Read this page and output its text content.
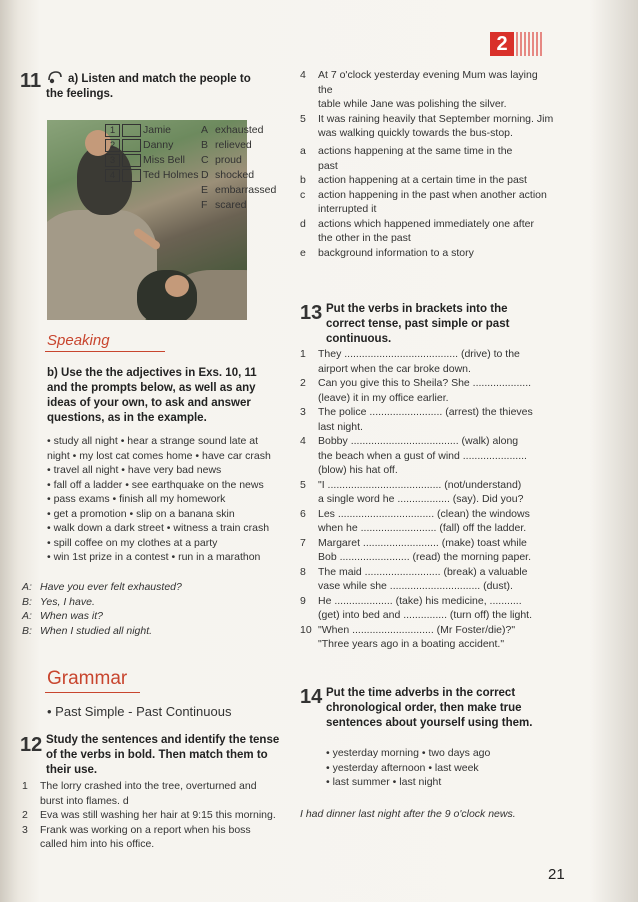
2
11	a) Listen and match the people to the feelings.
1	Jamie
2	Danny
3	Miss Bell
4	Ted Holmes
A exhausted
B relieved
C proud
D shocked
E embarrassed
F scared
Speaking
b) Use the the adjectives in Exs. 10, 11 and the prompts below, as well as any ideas of your own, to ask and answer questions, as in the example.
• study all night • hear a strange sound late at
night • my lost cat comes home • have car crash
• travel all night • have very bad news
• fall off a ladder • see earthquake on the news
• pass exams • finish all my homework
• get a promotion • slip on a banana skin
• walk down a dark street • witness a train crash
• spill coffee on my clothes at a party
• win 1st prize in a contest • run in a marathon
A: Have you ever felt exhausted?
B: Yes, I have.
A: When was it?
B: When I studied all night.
Grammar
• Past Simple - Past Continuous
12 Study the sentences and identify the tense of the verbs in bold. Then match them to their use.
1	The lorry crashed into the tree, overturned and
burst into flames. d
2	Eva was still washing her hair at 9:15 this morning.
3	Frank was working on a report when his boss
called him into his office.
4	At 7 o'clock yesterday evening Mum was laying the
table while Jane was polishing the silver.
5	It was raining heavily that September morning. Jim
was walking quickly towards the bus-stop.
a	actions happening at the same time in the
past
b	action happening at a certain time in the past
c	action happening in the past when another action
interrupted it
d	actions which happened immediately one after
the other in the past
e	background information to a story
13 Put the verbs in brackets into the correct tense, past simple or past continuous.
1	They ....................................... (drive) to the
airport when the car broke down.
2	Can you give this to Sheila? She ....................
(leave) it in my office earlier.
3	The police ......................... (arrest) the thieves
last night.
4	Bobby ..................................... (walk) along
the beach when a gust of wind ......................
(blow) his hat off.
5	"I ....................................... (not/understand)
a single word he .................. (say). Did you?
6	Les ................................. (clean) the windows
when he .......................... (fall) off the ladder.
7	Margaret .......................... (make) toast while
Bob ........................ (read) the morning paper.
8	The maid .......................... (break) a valuable
vase while she ............................... (dust).
9	He .................... (take) his medicine, ...........
(get) into bed and ............... (turn off) the light.
10 "When ............................ (Mr Foster/die)?"
"Three years ago in a boating accident."
14 Put the time adverbs in the correct chronological order, then make true sentences about yourself using them.
• yesterday morning • two days ago
• yesterday afternoon • last week
• last summer • last night
I had dinner last night after the 9 o'clock news.
21
